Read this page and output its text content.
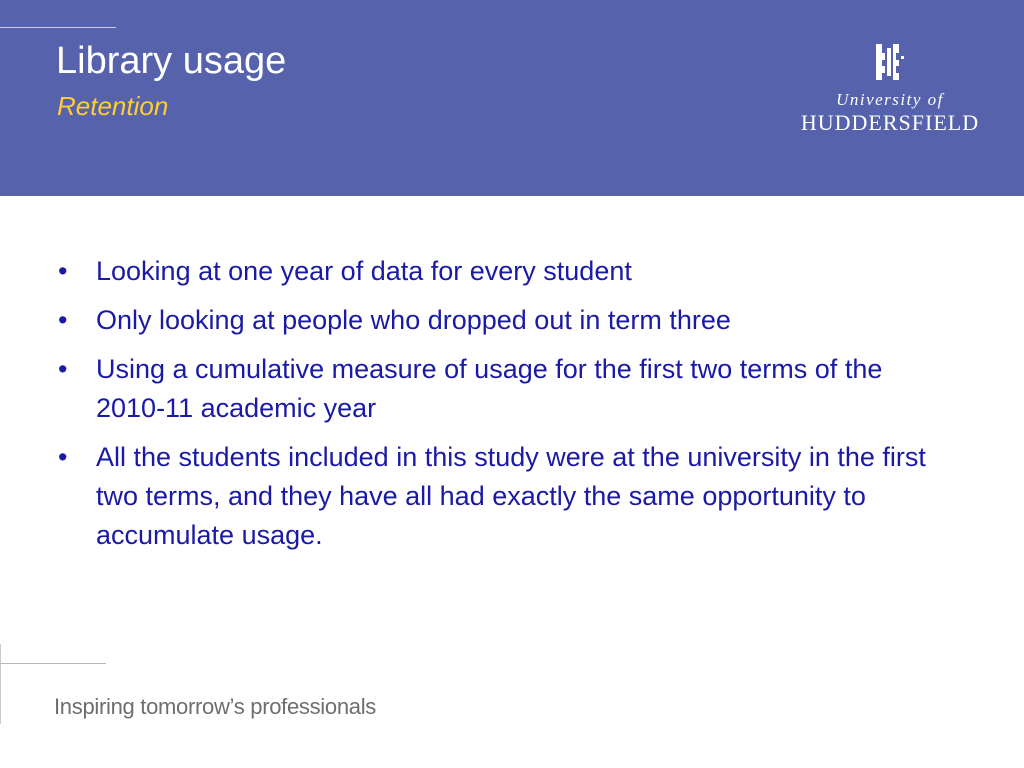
Library usage
Retention	University of
HUDDERSFIELD
• Looking at one year of data for every student
• Only looking at people who dropped out in term three
• Using a cumulative measure of usage for the first two terms of the 2010-11 academic year
• All the students included in this study were at the university in the first two terms, and they have all had exactly the same opportunity to accumulate usage.
Inspiring tomorrow’s professionals
